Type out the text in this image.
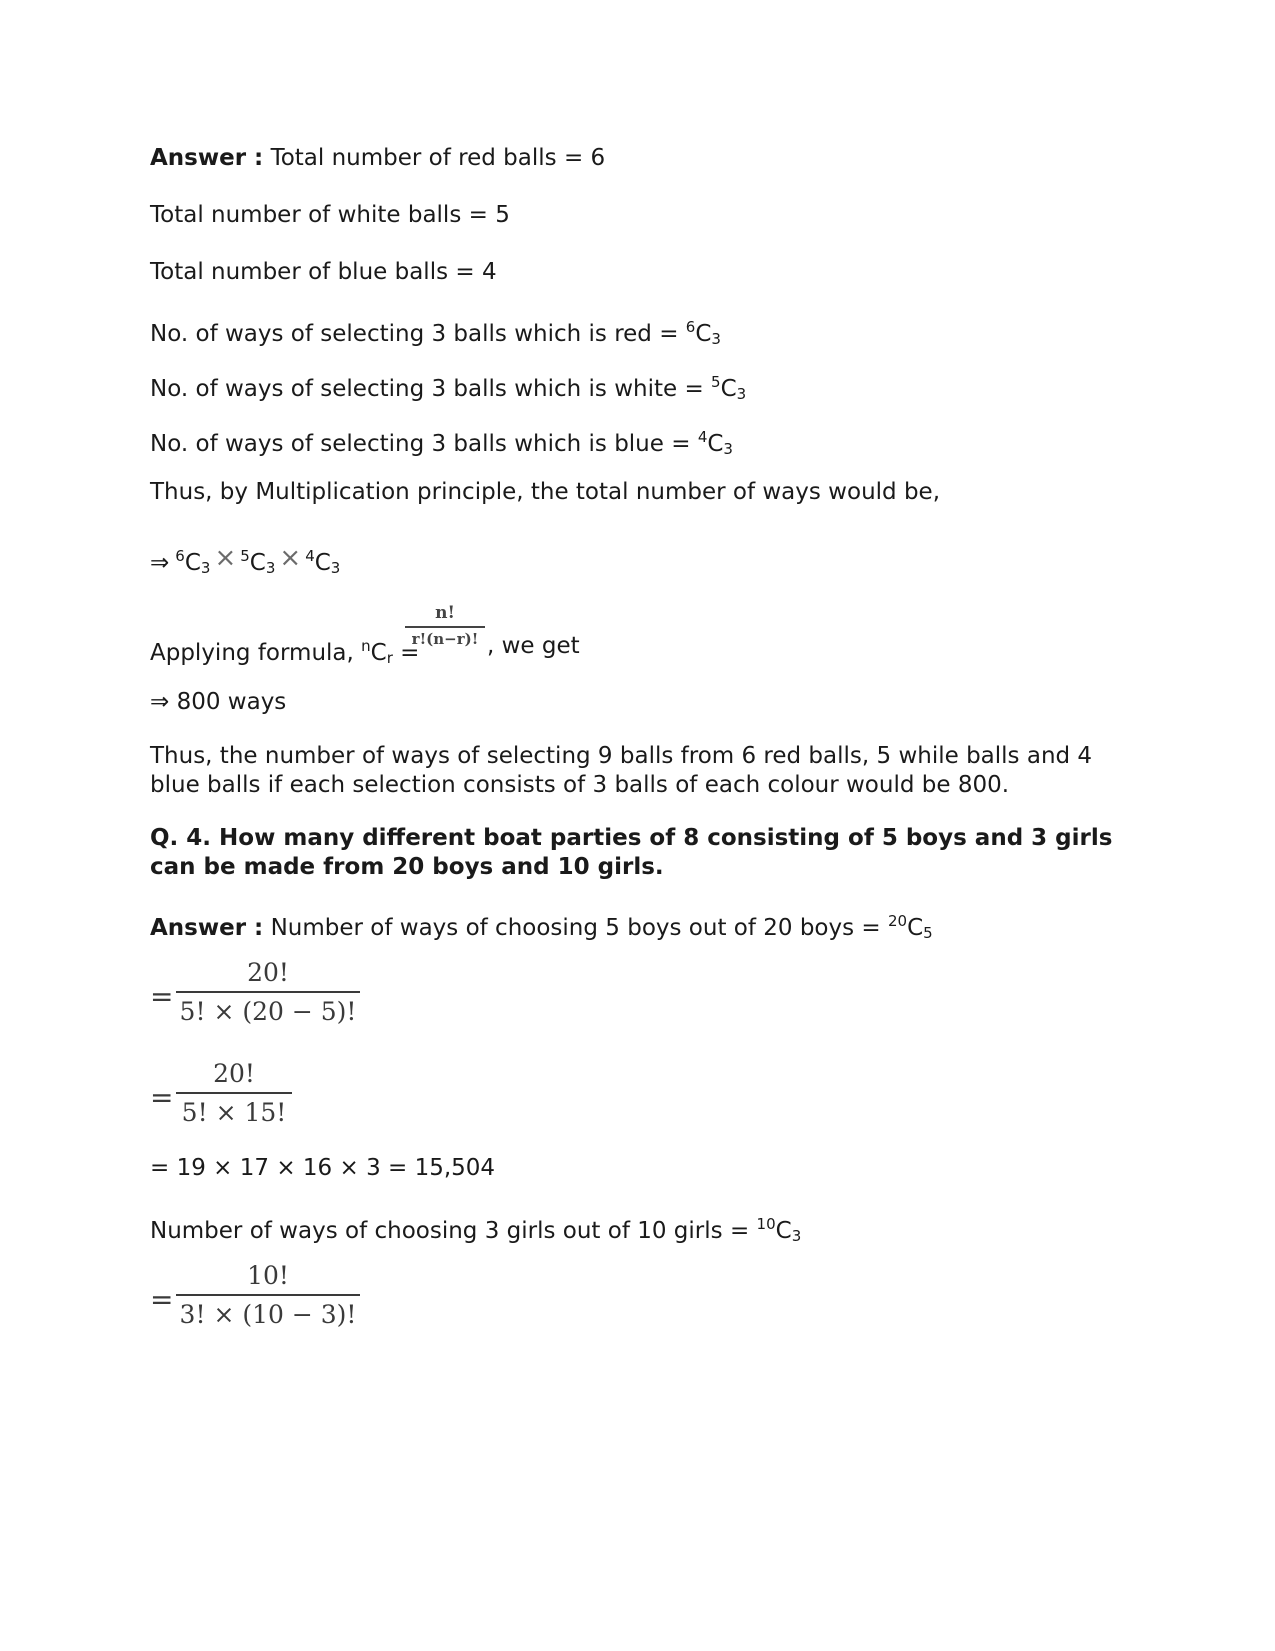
Answer : Total number of red balls = 6
Total number of white balls = 5
Total number of blue balls = 4
No. of ways of selecting 3 balls which is red = $^6C_3$
No. of ways of selecting 3 balls which is white = $^5C_3$
No. of ways of selecting 3 balls which is blue = $^4C_3$
Thus, by Multiplication principle, the total number of ways would be,
⇒ $^6C_3 \times ^5C_3 \times ^4C_3$
Applying formula, $^nC_r$ =
n!
r!(n−r)! , we get
⇒ 800 ways
Thus, the number of ways of selecting 9 balls from 6 red balls, 5 while balls and 4 blue balls if each selection consists of 3 balls of each colour would be 800.
Q. 4. How many different boat parties of 8 consisting of 5 boys and 3 girls can be made from 20 boys and 10 girls.
Answer : Number of ways of choosing 5 boys out of 20 boys = $^{20}C_5$
=
20!
5! × (20 − 5)!
=
20!
5! × 15!
= 19 × 17 × 16 × 3 = 15,504
Number of ways of choosing 3 girls out of 10 girls = $^{10}C_3$
=
10!
3! × (10 − 3)!
